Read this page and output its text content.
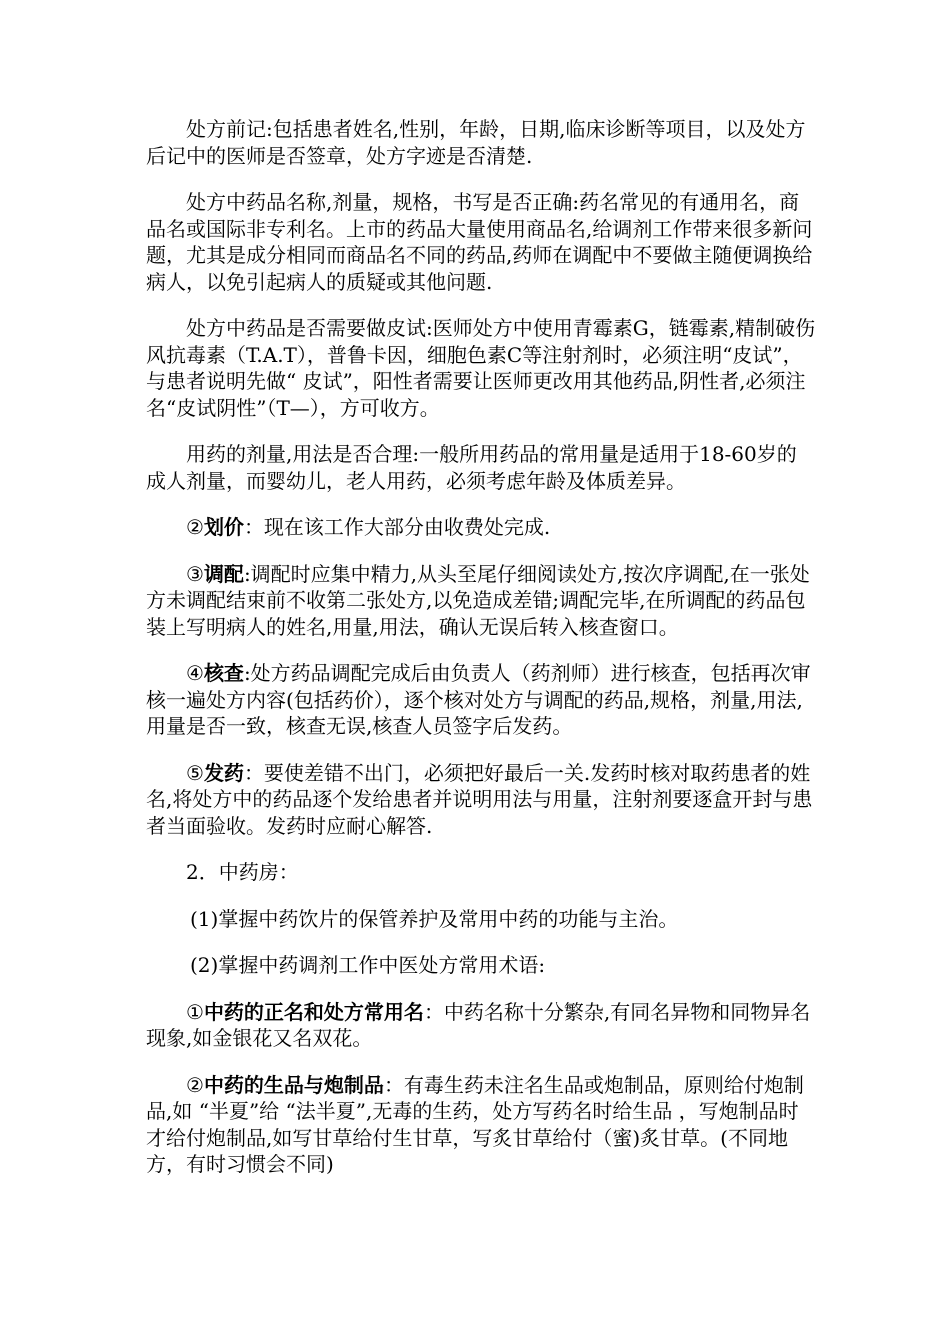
处方前记:包括患者姓名,性别，年龄，日期,临床诊断等项目，以及处方后记中的医师是否签章，处方字迹是否清楚.

处方中药品名称,剂量，规格，书写是否正确:药名常见的有通用名，商品名或国际非专利名。上市的药品大量使用商品名,给调剂工作带来很多新问题，尤其是成分相同而商品名不同的药品,药师在调配中不要做主随便调换给病人，以免引起病人的质疑或其他问题.

处方中药品是否需要做皮试:医师处方中使用青霉素G，链霉素,精制破伤风抗毒素（T.A.T），普鲁卡因，细胞色素C等注射剂时，必须注明“皮试”，与患者说明先做“ 皮试”，阳性者需要让医师更改用其他药品,阴性者,必须注名“皮试阴性”（T—），方可收方。

用药的剂量,用法是否合理:一般所用药品的常用量是适用于18-60岁的成人剂量，而婴幼儿，老人用药，必须考虑年龄及体质差异。

②划价：现在该工作大部分由收费处完成.

③调配:调配时应集中精力,从头至尾仔细阅读处方,按次序调配,在一张处方未调配结束前不收第二张处方,以免造成差错;调配完毕,在所调配的药品包装上写明病人的姓名,用量,用法，确认无误后转入核查窗口。

④核查:处方药品调配完成后由负责人（药剂师）进行核查，包括再次审核一遍处方内容(包括药价），逐个核对处方与调配的药品,规格，剂量,用法,用量是否一致，核查无误,核查人员签字后发药。

⑤发药：要使差错不出门，必须把好最后一关.发药时核对取药患者的姓名,将处方中的药品逐个发给患者并说明用法与用量，注射剂要逐盒开封与患者当面验收。发药时应耐心解答.

2．中药房：

(1)掌握中药饮片的保管养护及常用中药的功能与主治。

(2)掌握中药调剂工作中医处方常用术语:

①中药的正名和处方常用名：中药名称十分繁杂,有同名异物和同物异名现象,如金银花又名双花。

②中药的生品与炮制品：有毒生药未注名生品或炮制品，原则给付炮制品,如 “半夏”给 “法半夏”,无毒的生药，处方写药名时给生品 ，写炮制品时才给付炮制品,如写甘草给付生甘草，写炙甘草给付（蜜)炙甘草。(不同地方，有时习惯会不同)
